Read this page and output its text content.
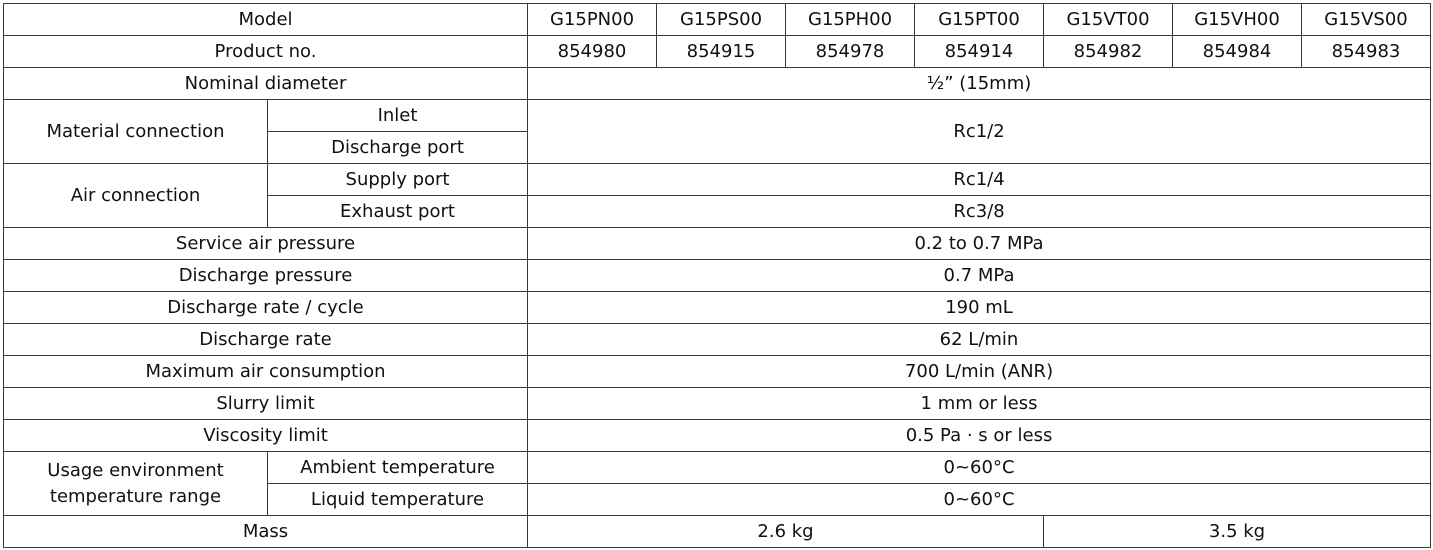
Model		G15PN00	G15PS00	G15PH00	G15PT00	G15VT00	G15VH00	G15VS00
Product no.		854980	854915	854978	854914	854982	854984	854983
Nominal diameter		½” (15mm)						
Material connection	Inlet	Rc1/2						
	Discharge port							
Air connection	Supply port	Rc1/4						
	Exhaust port	Rc3/8						
Service air pressure		0.2 to 0.7 MPa						
Discharge pressure		0.7 MPa						
Discharge rate / cycle		190 mL						
Discharge rate		62 L/min						
Maximum air consumption		700 L/min (ANR)						
Slurry limit		1 mm or less						
Viscosity limit		0.5 Pa · s or less						
Usage environment temperature range	Ambient temperature	0~60°C						
	Liquid temperature	0~60°C						
Mass		2.6 kg				3.5 kg		
